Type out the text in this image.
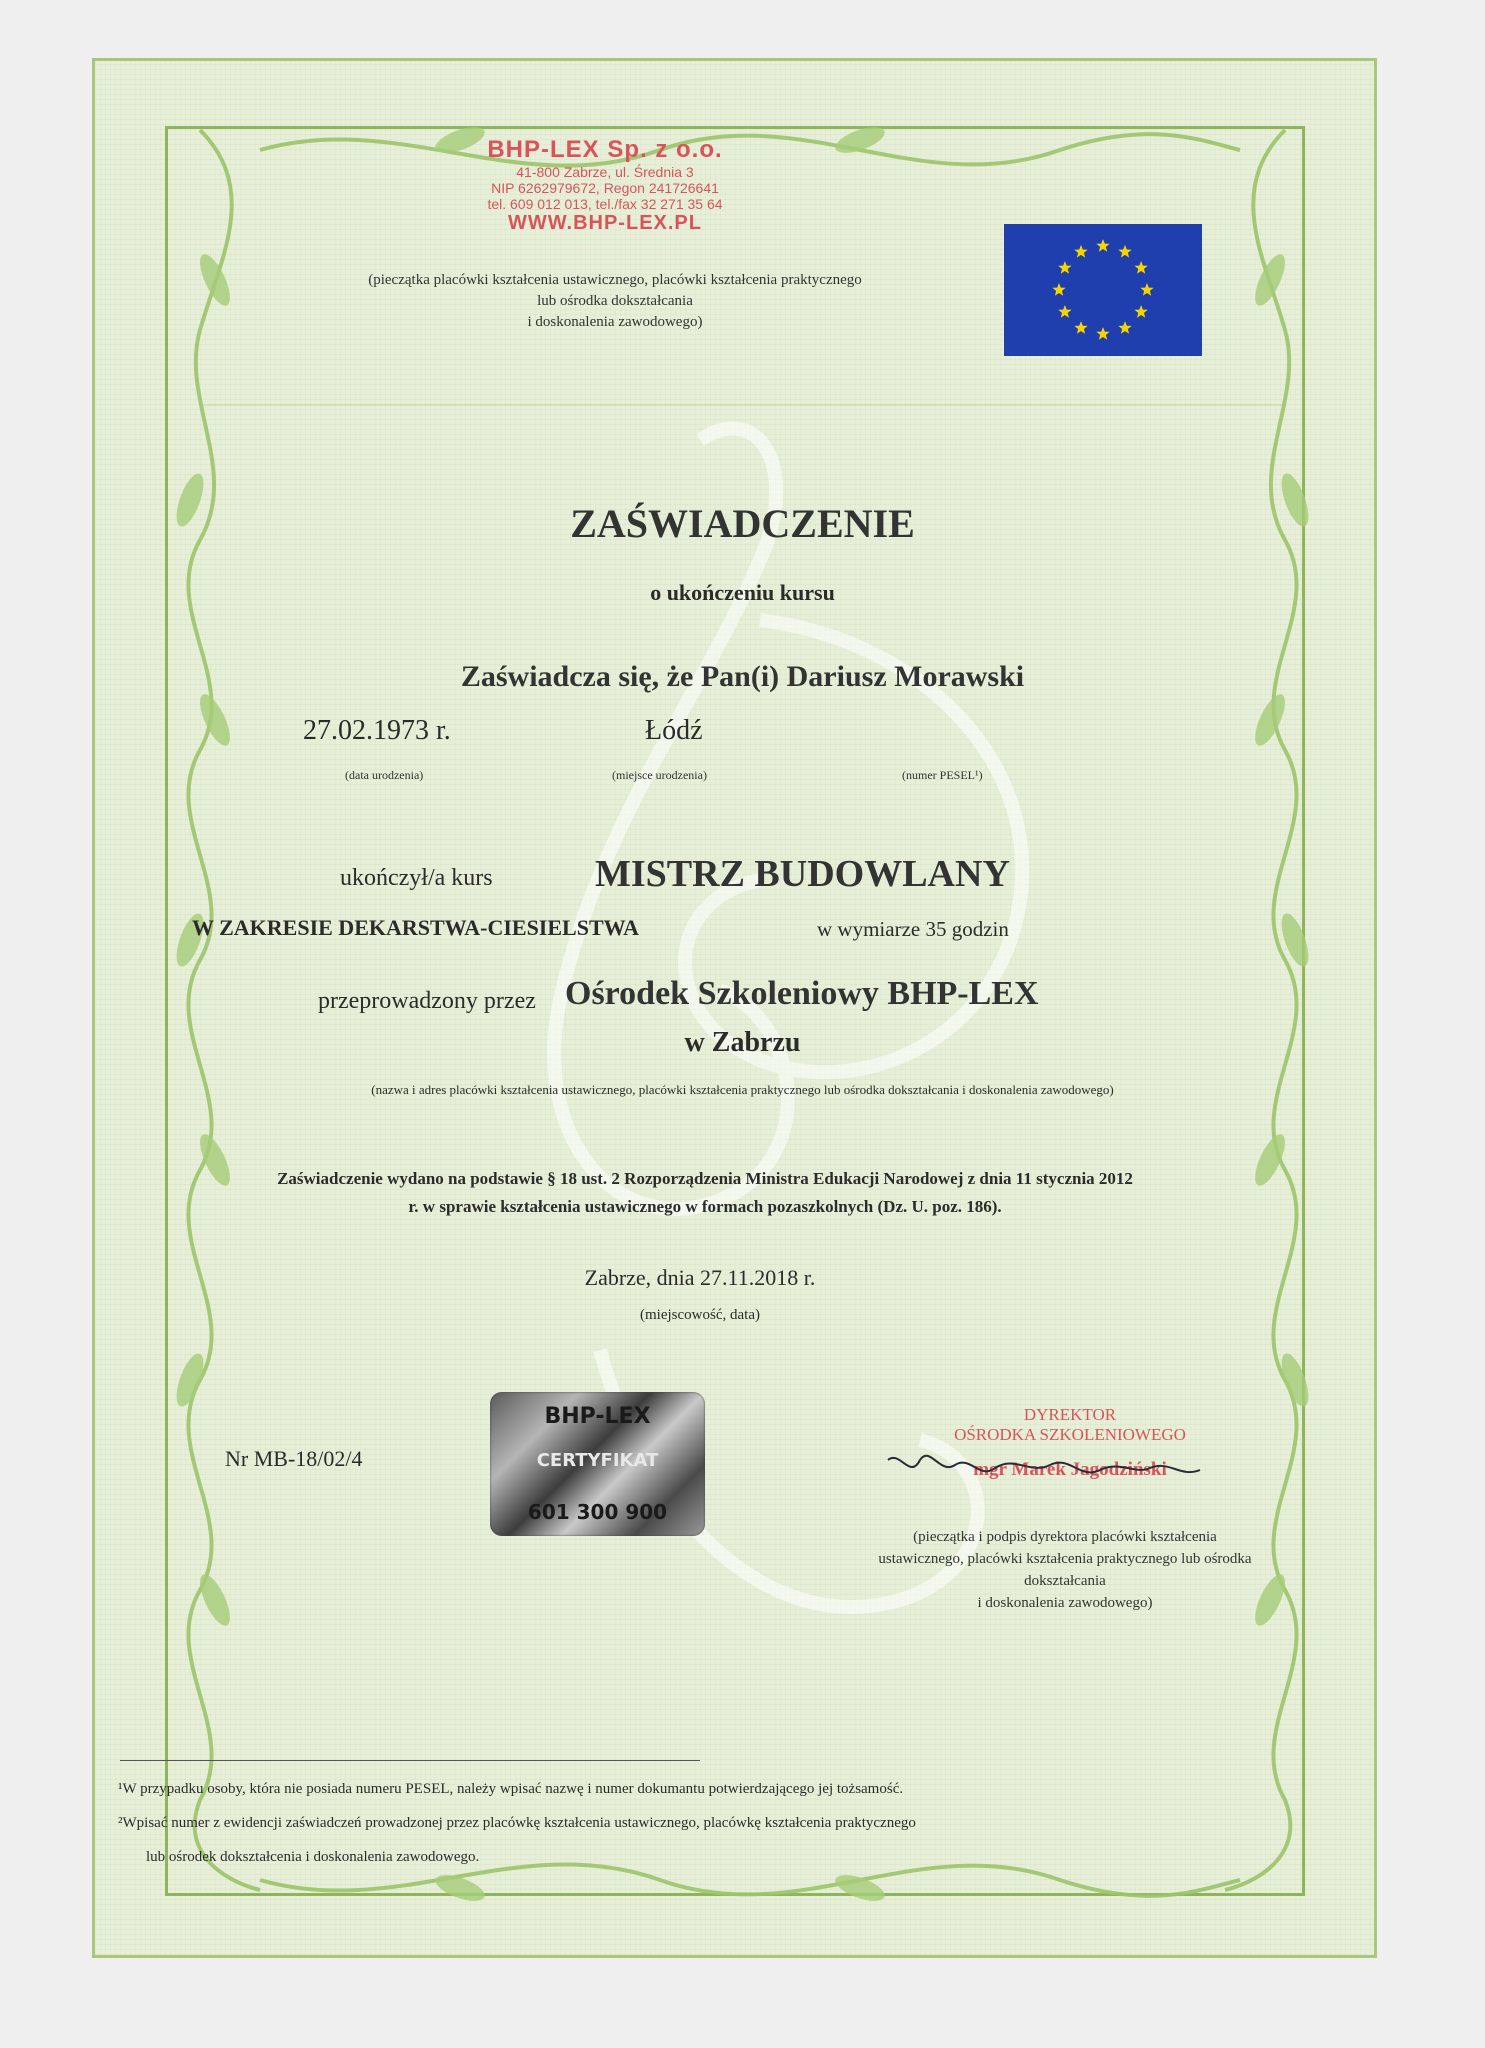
BHP-LEX Sp. z o.o.
41-800 Zabrze, ul. Średnia 3
NIP 6262979672, Regon 241726641
tel. 609 012 013, tel./fax 32 271 35 64
WWW.BHP-LEX.PL
(pieczątka placówki kształcenia ustawicznego, placówki kształcenia praktycznego
lub ośrodka dokształcania
i doskonalenia zawodowego)
ZAŚWIADCZENIE
o ukończeniu kursu
Zaświadcza się, że Pan(i) Dariusz Morawski
27.02.1973 r.	Łódź
(data urodzenia)	(miejsce urodzenia)	(numer PESEL¹)
ukończył/a kurs	MISTRZ BUDOWLANY
W ZAKRESIE DEKARSTWA-CIESIELSTWA	w wymiarze 35 godzin
przeprowadzony przez Ośrodek Szkoleniowy BHP-LEX
w Zabrzu
(nazwa i adres placówki kształcenia ustawicznego, placówki kształcenia praktycznego lub ośrodka dokształcania i doskonalenia zawodowego)
Zaświadczenie wydano na podstawie § 18 ust. 2 Rozporządzenia Ministra Edukacji Narodowej z dnia 11 stycznia 2012
r. w sprawie kształcenia ustawicznego w formach pozaszkolnych (Dz. U. poz. 186).
Zabrze, dnia 27.11.2018 r.
(miejscowość, data)
Nr MB-18/02/4
BHP-LEX
CERTYFIKAT
601 300 900
DYREKTOR
OŚRODKA SZKOLENIOWEGO
mgr Marek Jagodziński
(pieczątka i podpis dyrektora placówki kształcenia
ustawicznego, placówki kształcenia praktycznego lub ośrodka
dokształcania
i doskonalenia zawodowego)
¹W przypadku osoby, która nie posiada numeru PESEL, należy wpisać nazwę i numer dokumantu potwierdzającego jej tożsamość.
²Wpisać numer z ewidencji zaświadczeń prowadzonej przez placówkę kształcenia ustawicznego, placówkę kształcenia praktycznego
lub ośrodek dokształcenia i doskonalenia zawodowego.
